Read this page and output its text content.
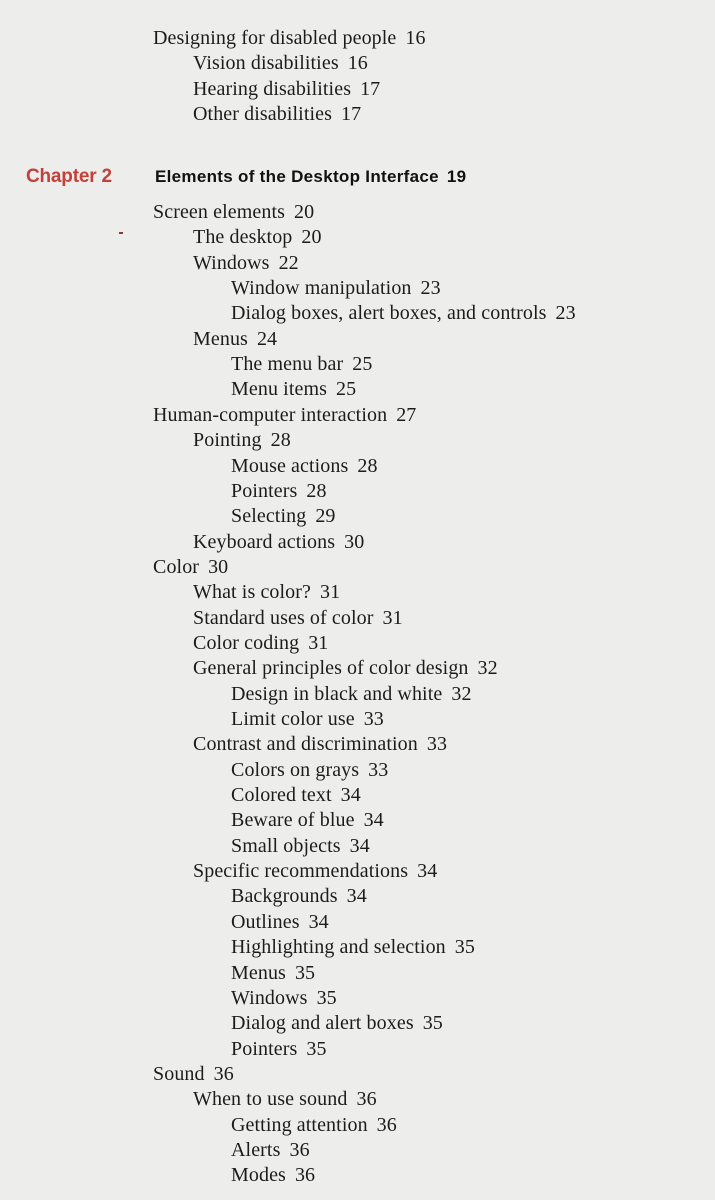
Designing for disabled people 16
Vision disabilities 16
Hearing disabilities 17
Other disabilities 17
Chapter 2	Elements of the Desktop Interface 19
Screen elements 20
The desktop 20
Windows 22
Window manipulation 23
Dialog boxes, alert boxes, and controls 23
Menus 24
The menu bar 25
Menu items 25
Human-computer interaction 27
Pointing 28
Mouse actions 28
Pointers 28
Selecting 29
Keyboard actions 30
Color 30
What is color? 31
Standard uses of color 31
Color coding 31
General principles of color design 32
Design in black and white 32
Limit color use 33
Contrast and discrimination 33
Colors on grays 33
Colored text 34
Beware of blue 34
Small objects 34
Specific recommendations 34
Backgrounds 34
Outlines 34
Highlighting and selection 35
Menus 35
Windows 35
Dialog and alert boxes 35
Pointers 35
Sound 36
When to use sound 36
Getting attention 36
Alerts 36
Modes 36
